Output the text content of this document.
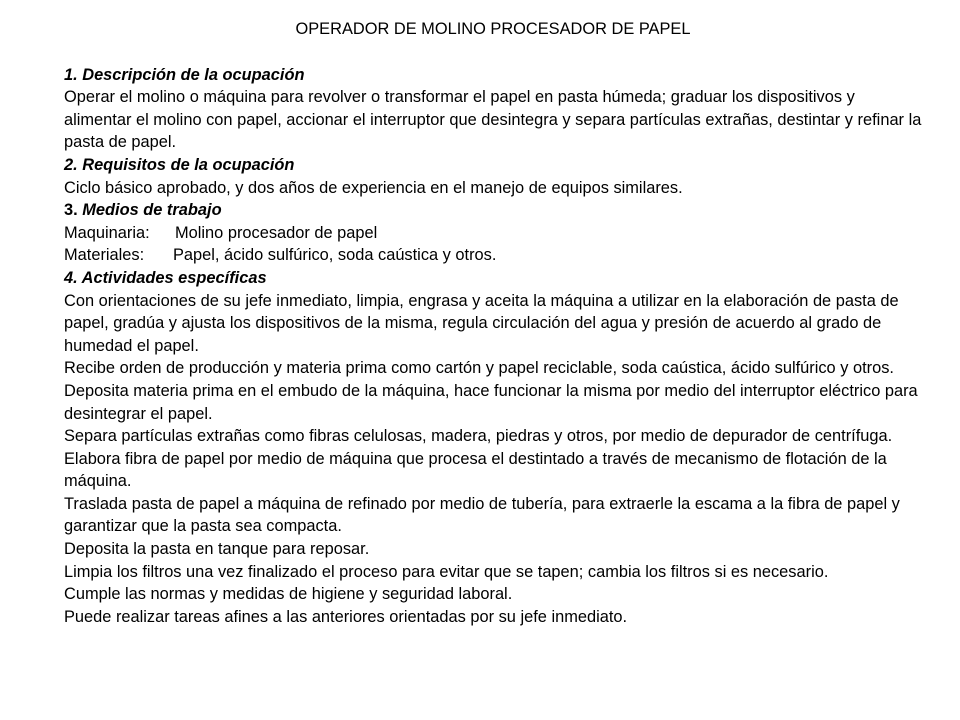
OPERADOR DE MOLINO PROCESADOR DE PAPEL
1. Descripción de la ocupación

Operar el molino o máquina para revolver o transformar el papel en pasta húmeda; graduar los dispositivos y alimentar el molino con papel, accionar el interruptor que desintegra y separa partículas extrañas, destintar y refinar la pasta de papel.

2. Requisitos de la ocupación

Ciclo básico aprobado, y dos años de experiencia en el manejo de equipos similares.

3. Medios de trabajo
Maquinaria:	Molino procesador de papel
Materiales:	Papel, ácido sulfúrico, soda caústica y otros.
4. Actividades específicas

Con orientaciones de su jefe inmediato, limpia, engrasa y aceita la máquina a utilizar en la elaboración de pasta de papel, gradúa y ajusta los dispositivos de la misma, regula circulación del agua y presión de acuerdo al grado de humedad el papel.

Recibe orden de producción y materia prima como cartón y papel reciclable, soda caústica, ácido sulfúrico y otros.

Deposita materia prima en el embudo de la máquina, hace funcionar la misma por medio del interruptor eléctrico para desintegrar el papel.

Separa partículas extrañas como fibras celulosas, madera, piedras y otros, por medio de depurador de centrífuga.

Elabora fibra de papel por medio de máquina que procesa el destintado a través de mecanismo de flotación de la máquina.

Traslada pasta de papel a máquina de refinado por medio de tubería, para extraerle la escama a la fibra de papel y garantizar que la pasta sea compacta.

Deposita la pasta en tanque para reposar.

Limpia los filtros una vez finalizado el proceso para evitar que se tapen; cambia los filtros si es necesario.

Cumple las normas y medidas de higiene y seguridad laboral.

Puede realizar tareas afines a las anteriores orientadas por su jefe inmediato.
